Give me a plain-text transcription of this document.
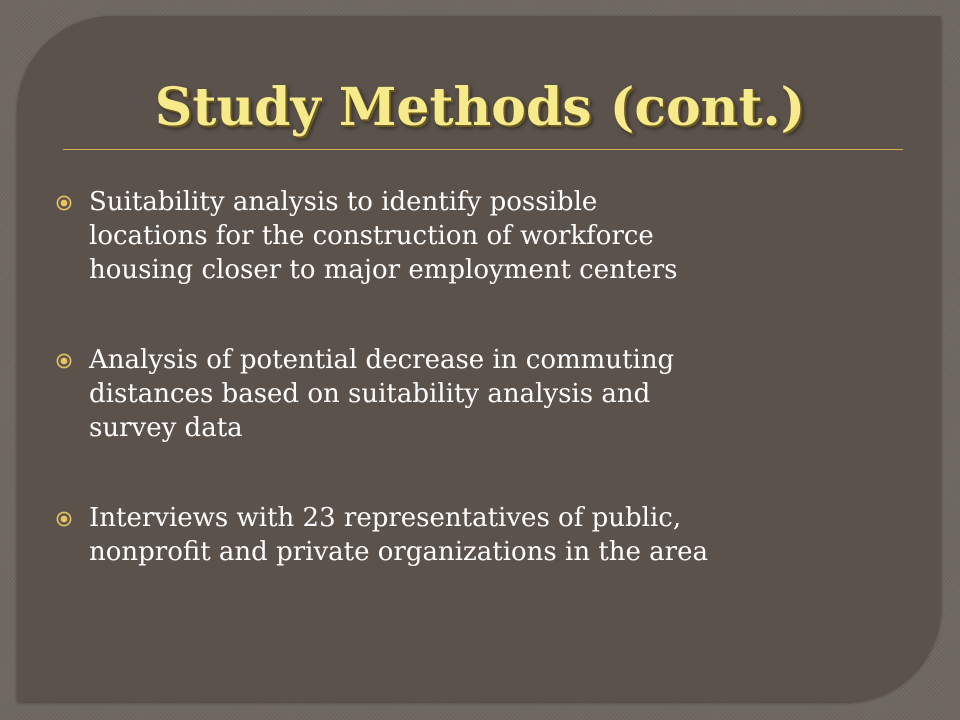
Study Methods (cont.)
Suitability analysis to identify possible
locations for the construction of workforce
housing closer to major employment centers
Analysis of potential decrease in commuting
distances based on suitability analysis and
survey data
Interviews with 23 representatives of public,
nonprofit and private organizations in the area
